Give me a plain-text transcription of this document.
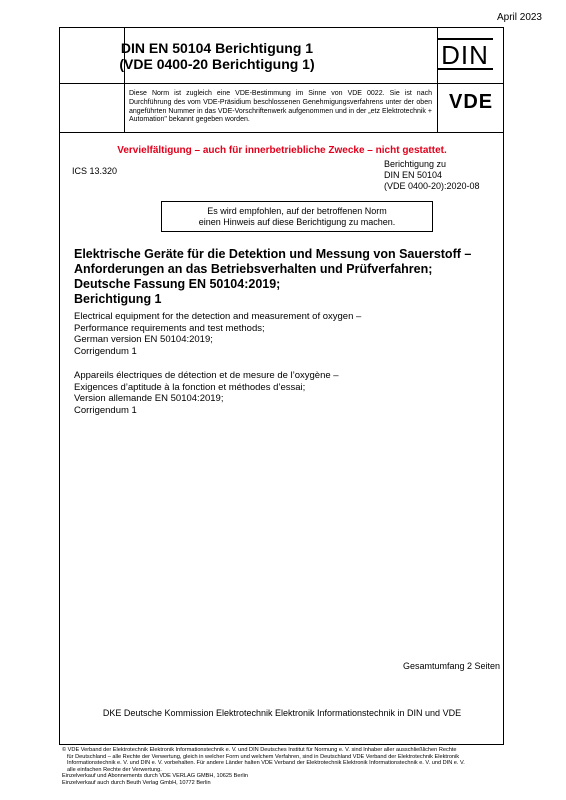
April 2023
DIN EN 50104 Berichtigung 1
(VDE 0400-20 Berichtigung 1)	DIN
VDE
Diese Norm ist zugleich eine VDE-Bestimmung im Sinne von VDE 0022. Sie ist nach Durchführung des vom VDE-Präsidium beschlossenen Genehmigungsverfahrens unter der oben angeführten Nummer in das VDE-Vorschriftenwerk aufgenommen und in der „etz Elektrotechnik + Automation" bekannt gegeben worden.
Vervielfältigung – auch für innerbetriebliche Zwecke – nicht gestattet.
ICS 13.320
Berichtigung zu
DIN EN 50104
(VDE 0400-20):2020-08
Es wird empfohlen, auf der betroffenen Norm
einen Hinweis auf diese Berichtigung zu machen.
Elektrische Geräte für die Detektion und Messung von Sauerstoff –
Anforderungen an das Betriebsverhalten und Prüfverfahren;
Deutsche Fassung EN 50104:2019;
Berichtigung 1
Electrical equipment for the detection and measurement of oxygen –
Performance requirements and test methods;
German version EN 50104:2019;
Corrigendum 1
Appareils électriques de détection et de mesure de l’oxygène –
Exigences d’aptitude à la fonction et méthodes d’essai;
Version allemande EN 50104:2019;
Corrigendum 1
Gesamtumfang 2 Seiten
DKE Deutsche Kommission Elektrotechnik Elektronik Informationstechnik in DIN und VDE
© VDE Verband der Elektrotechnik Elektronik Informationstechnik e. V. und DIN Deutsches Institut für Normung e. V. sind Inhaber aller ausschließlichen Rechte
für Deutschland – alle Rechte der Verwertung, gleich in welcher Form und welchem Verfahren, sind in Deutschland VDE Verband der Elektrotechnik Elektronik
Informationstechnik e. V. und DIN e. V. vorbehalten. Für andere Länder halten VDE Verband der Elektrotechnik Elektronik Informationstechnik e. V. und DIN e. V.
alle einfachen Rechte der Verwertung.
Einzelverkauf und Abonnements durch VDE VERLAG GMBH, 10625 Berlin
Einzelverkauf auch durch Beuth Verlag GmbH, 10772 Berlin
